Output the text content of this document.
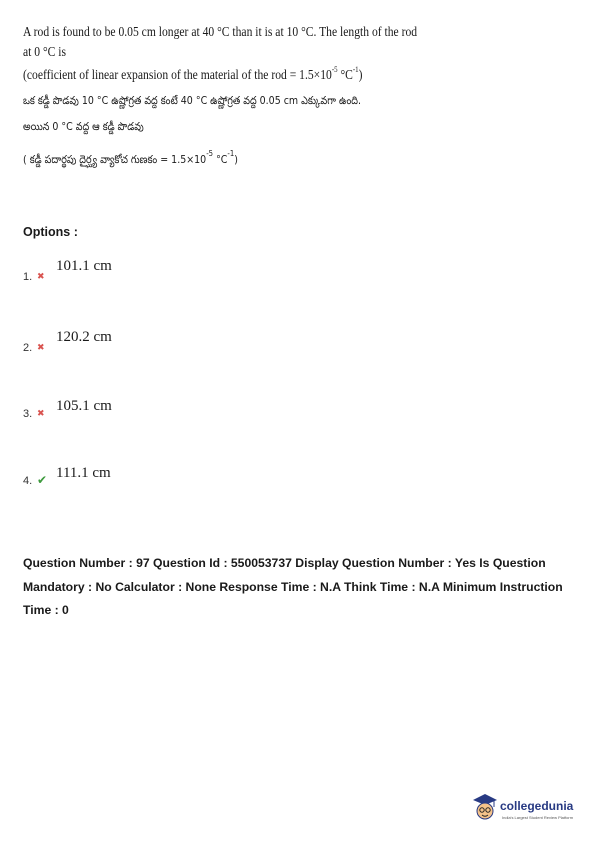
A rod is found to be 0.05 cm longer at 40 °C than it is at 10 °C. The length of the rod

at 0 °C is

(coefficient of linear expansion of the material of the rod = $1.5\times 10^{-5}$ $^\circ C^{-1}$)

ఒక కడ్డీ పొడవు 10 °C ఉష్ణోగ్రత వద్ద కంటే 40 °C ఉష్ణోగ్రత వద్ద 0.05 cm ఎక్కువగా ఉంది.

అయిన 0 °C వద్ద ఆ కడ్డీ పొడవు

( కడ్డీ పదార్థపు దైర్ఘ్య వ్యాకోచ గుణకం = $1.5\times 10^{-5}$ $^\circ C^{-1}$)

Options :
1. ✖
101.1 cm
2. ✖
120.2 cm
3. ✖ 105.1 cm
4. ✔ 111.1 cm
Question Number : 97 Question Id : 550053737 Display Question Number : Yes Is Question
Mandatory : No Calculator : None Response Time : N.A Think Time : N.A Minimum Instruction
Time : 0
collegedunia
India's Largest Student Review Platform
